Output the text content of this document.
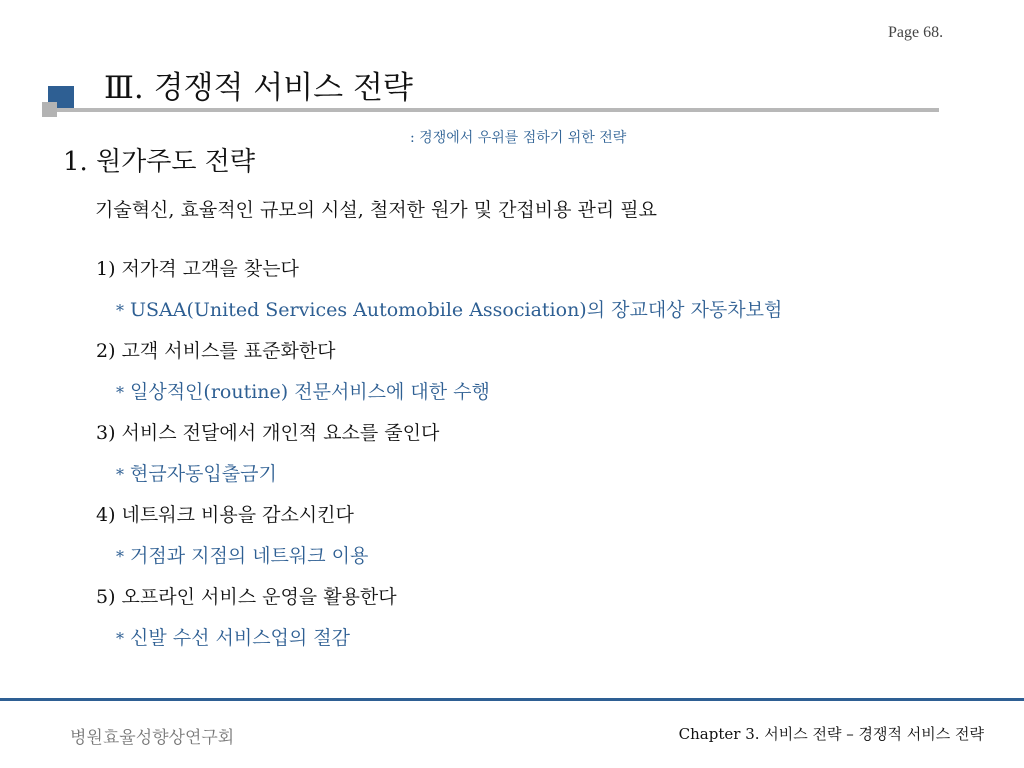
Page 68.
Ⅲ. 경쟁적 서비스 전략
: 경쟁에서 우위를 점하기 위한 전략
1. 원가주도 전략
기술혁신, 효율적인 규모의 시설, 철저한 원가 및 간접비용 관리 필요
1) 저가격 고객을 찾는다
* USAA(United Services Automobile Association)의 장교대상 자동차보험
2) 고객 서비스를 표준화한다
* 일상적인(routine) 전문서비스에 대한 수행
3) 서비스 전달에서 개인적 요소를 줄인다
* 현금자동입출금기
4) 네트워크 비용을 감소시킨다
* 거점과 지점의 네트워크 이용
5) 오프라인 서비스 운영을 활용한다
* 신발 수선 서비스업의 절감
병원효율성향상연구회	Chapter 3. 서비스 전략 – 경쟁적 서비스 전략
